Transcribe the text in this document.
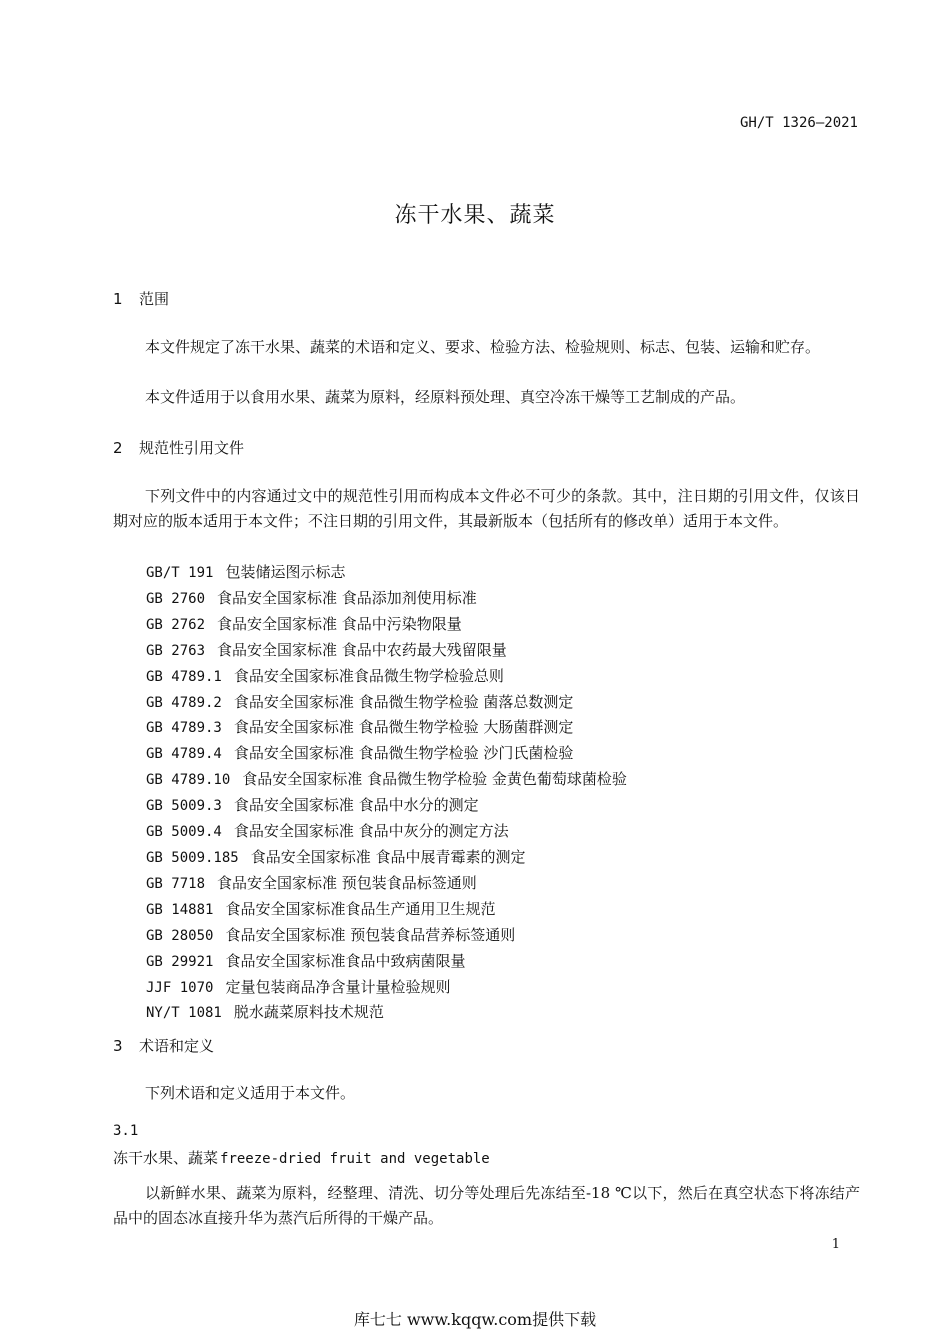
GH/T 1326—2021
冻干水果、蔬菜
1 范围

本文件规定了冻干水果、蔬菜的术语和定义、要求、检验方法、检验规则、标志、包装、运输和贮存。

本文件适用于以食用水果、蔬菜为原料，经原料预处理、真空冷冻干燥等工艺制成的产品。

2 规范性引用文件

下列文件中的内容通过文中的规范性引用而构成本文件必不可少的条款。其中，注日期的引用文件，仅该日期对应的版本适用于本文件；不注日期的引用文件，其最新版本（包括所有的修改单）适用于本文件。

GB/T 191 包装储运图示标志
GB 2760 食品安全国家标准 食品添加剂使用标准
GB 2762 食品安全国家标准 食品中污染物限量
GB 2763 食品安全国家标准 食品中农药最大残留限量
GB 4789.1 食品安全国家标准食品微生物学检验总则
GB 4789.2 食品安全国家标准 食品微生物学检验 菌落总数测定
GB 4789.3 食品安全国家标准 食品微生物学检验 大肠菌群测定
GB 4789.4 食品安全国家标准 食品微生物学检验 沙门氏菌检验
GB 4789.10 食品安全国家标准 食品微生物学检验 金黄色葡萄球菌检验
GB 5009.3 食品安全国家标准 食品中水分的测定
GB 5009.4 食品安全国家标准 食品中灰分的测定方法
GB 5009.185 食品安全国家标准 食品中展青霉素的测定
GB 7718 食品安全国家标准 预包装食品标签通则
GB 14881 食品安全国家标准食品生产通用卫生规范
GB 28050 食品安全国家标准 预包装食品营养标签通则
GB 29921 食品安全国家标准食品中致病菌限量
JJF 1070 定量包装商品净含量计量检验规则
NY/T 1081 脱水蔬菜原料技术规范
3 术语和定义

下列术语和定义适用于本文件。

3.1
冻干水果、蔬菜 freeze-dried fruit and vegetable

以新鲜水果、蔬菜为原料，经整理、清洗、切分等处理后先冻结至-18 ℃以下，然后在真空状态下将冻结产品中的固态冰直接升华为蒸汽后所得的干燥产品。

1
库七七 www.kqqw.com提供下载
